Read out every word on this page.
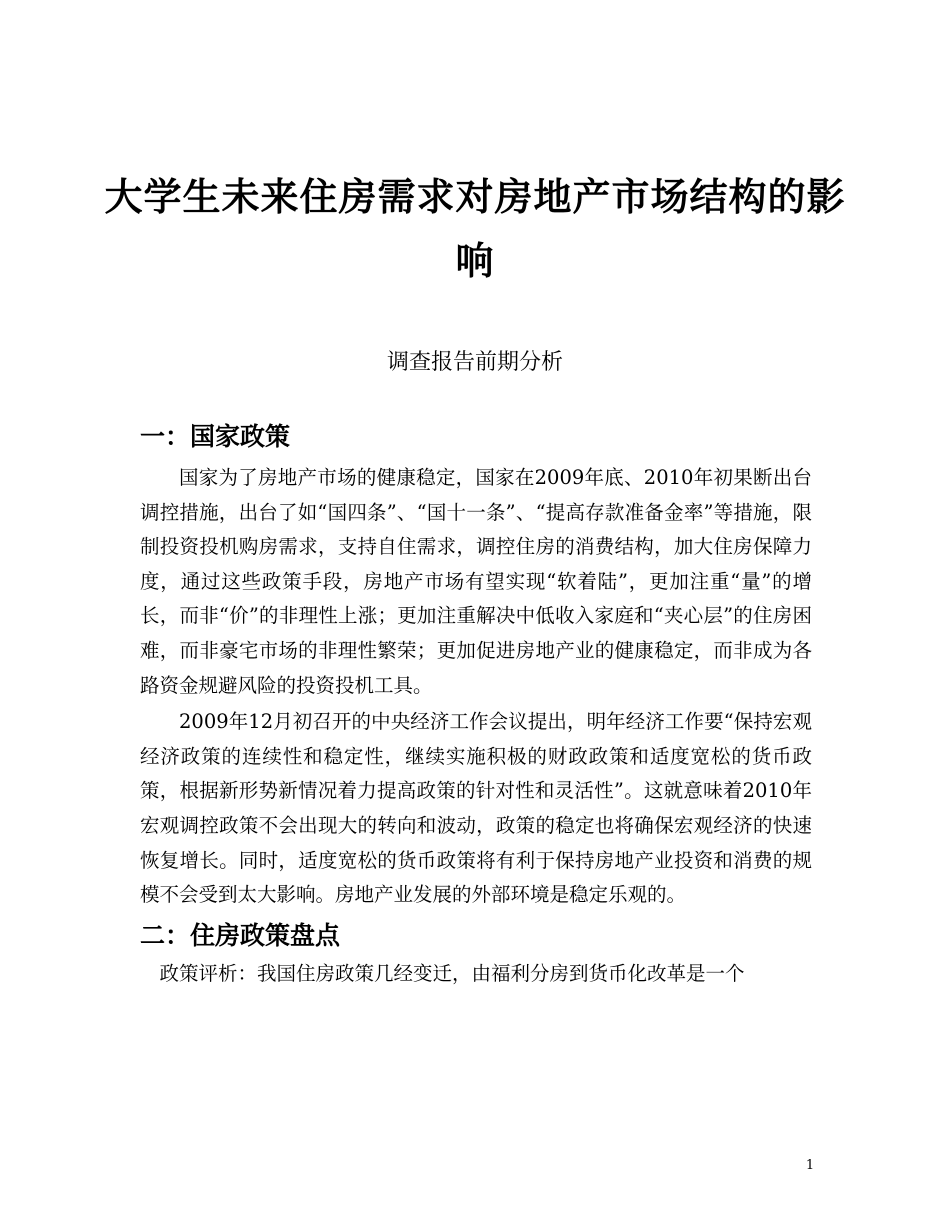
大学生未来住房需求对房地产市场结构的影响
调查报告前期分析
一：国家政策

国家为了房地产市场的健康稳定，国家在2009年底、2010年初果断出台调控措施，出台了如“国四条”、“国十一条”、“提高存款准备金率”等措施，限制投资投机购房需求，支持自住需求，调控住房的消费结构，加大住房保障力度，通过这些政策手段，房地产市场有望实现“软着陆”，更加注重“量”的增长，而非“价”的非理性上涨；更加注重解决中低收入家庭和“夹心层”的住房困难，而非豪宅市场的非理性繁荣；更加促进房地产业的健康稳定，而非成为各路资金规避风险的投资投机工具。

2009年12月初召开的中央经济工作会议提出，明年经济工作要“保持宏观经济政策的连续性和稳定性，继续实施积极的财政政策和适度宽松的货币政策，根据新形势新情况着力提高政策的针对性和灵活性”。这就意味着2010年宏观调控政策不会出现大的转向和波动，政策的稳定也将确保宏观经济的快速恢复增长。同时，适度宽松的货币政策将有利于保持房地产业投资和消费的规模不会受到太大影响。房地产业发展的外部环境是稳定乐观的。

二：住房政策盘点

政策评析：我国住房政策几经变迁，由福利分房到货币化改革是一个

1
